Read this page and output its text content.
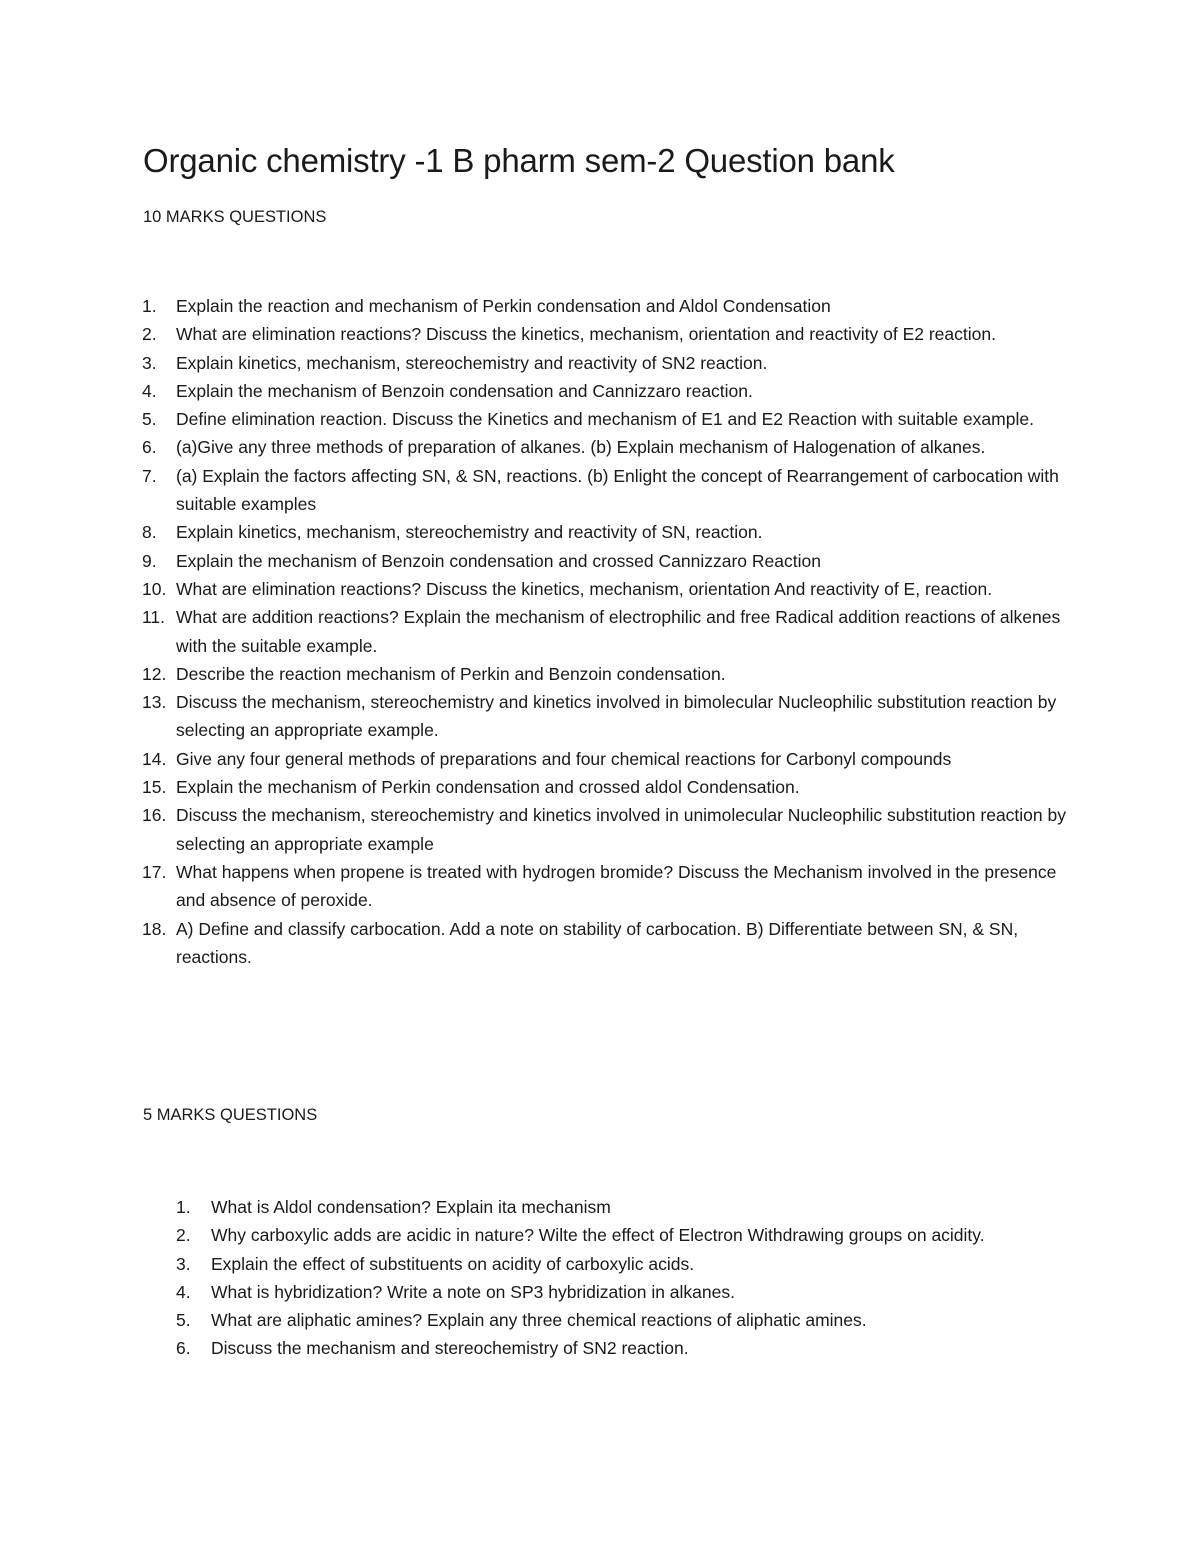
Organic chemistry -1 B pharm sem-2 Question bank
10 MARKS QUESTIONS
1. Explain the reaction and mechanism of Perkin condensation and Aldol Condensation
2. What are elimination reactions? Discuss the kinetics, mechanism, orientation and reactivity of E2 reaction.
3. Explain kinetics, mechanism, stereochemistry and reactivity of SN2 reaction.
4. Explain the mechanism of Benzoin condensation and Cannizzaro reaction.
5. Define elimination reaction. Discuss the Kinetics and mechanism of E1 and E2 Reaction with suitable example.
6. (a)Give any three methods of preparation of alkanes. (b) Explain mechanism of Halogenation of alkanes.
7. (a) Explain the factors affecting SN, & SN, reactions. (b) Enlight the concept of Rearrangement of carbocation with suitable examples
8. Explain kinetics, mechanism, stereochemistry and reactivity of SN, reaction.
9. Explain the mechanism of Benzoin condensation and crossed Cannizzaro Reaction
10. What are elimination reactions? Discuss the kinetics, mechanism, orientation And reactivity of E, reaction.
11. What are addition reactions? Explain the mechanism of electrophilic and free Radical addition reactions of alkenes with the suitable example.
12. Describe the reaction mechanism of Perkin and Benzoin condensation.
13. Discuss the mechanism, stereochemistry and kinetics involved in bimolecular Nucleophilic substitution reaction by selecting an appropriate example.
14. Give any four general methods of preparations and four chemical reactions for Carbonyl compounds
15. Explain the mechanism of Perkin condensation and crossed aldol Condensation.
16. Discuss the mechanism, stereochemistry and kinetics involved in unimolecular Nucleophilic substitution reaction by selecting an appropriate example
17. What happens when propene is treated with hydrogen bromide? Discuss the Mechanism involved in the presence and absence of peroxide.
18. A) Define and classify carbocation. Add a note on stability of carbocation. B) Differentiate between SN, & SN, reactions.
5 MARKS QUESTIONS
1. What is Aldol condensation? Explain ita mechanism
2. Why carboxylic adds are acidic in nature? Wilte the effect of Electron Withdrawing groups on acidity.
3. Explain the effect of substituents on acidity of carboxylic acids.
4. What is hybridization? Write a note on SP3 hybridization in alkanes.
5. What are aliphatic amines? Explain any three chemical reactions of aliphatic amines.
6. Discuss the mechanism and stereochemistry of SN2 reaction.
